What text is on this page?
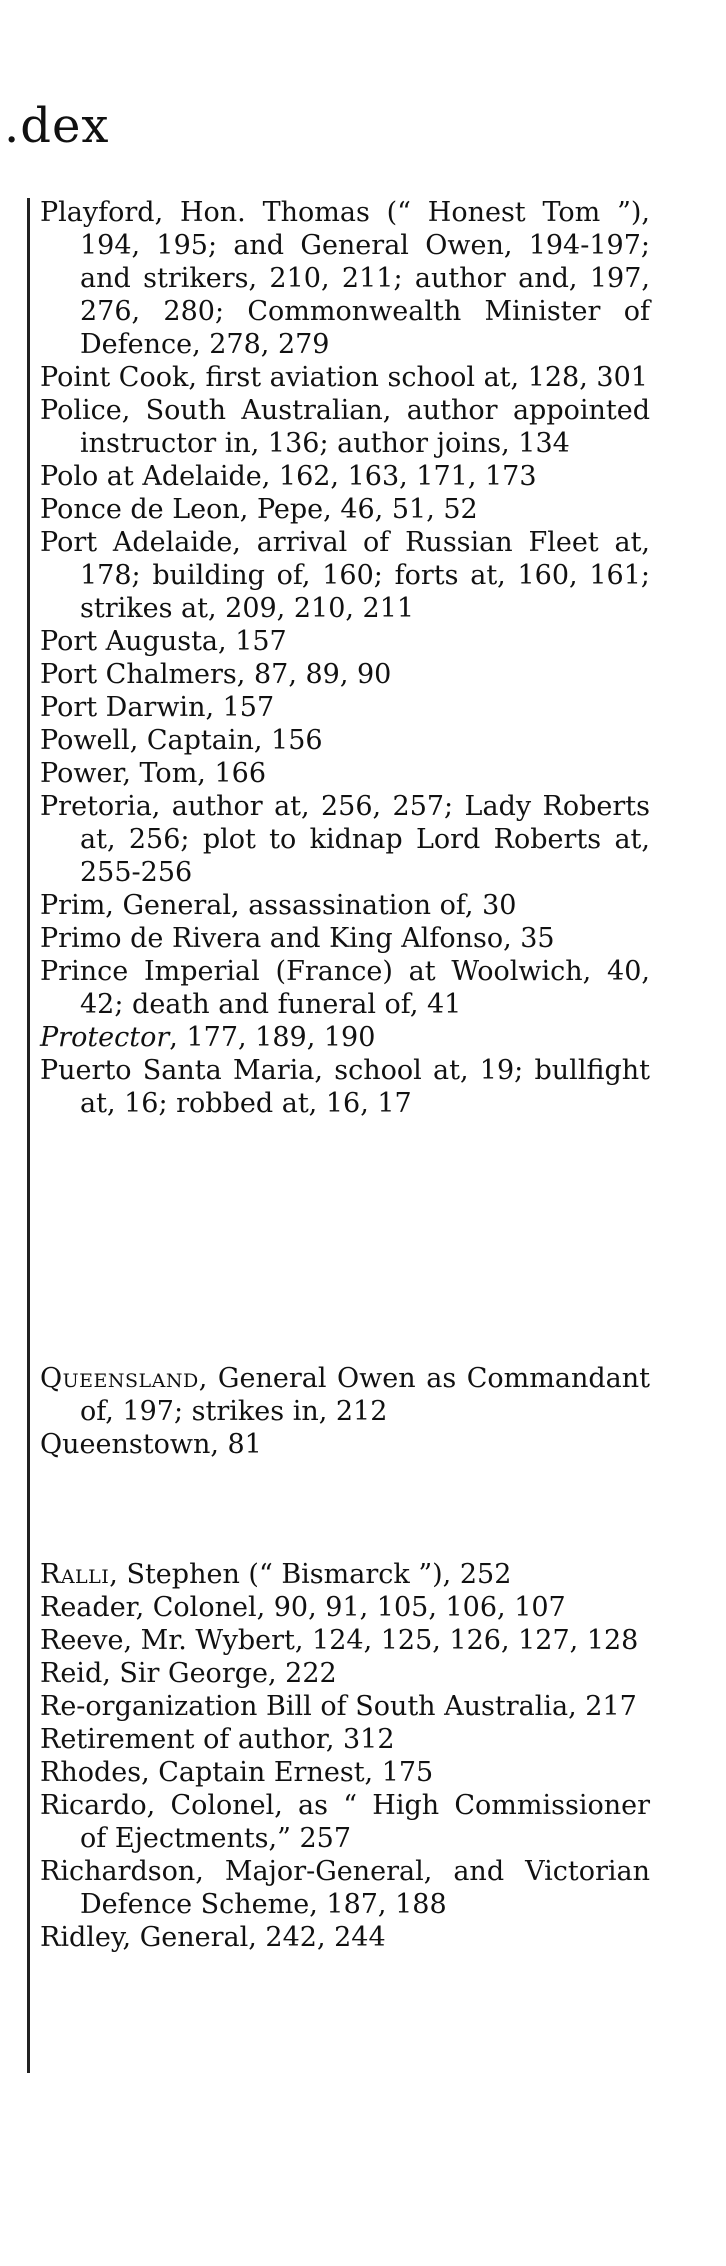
.dex

Playford, Hon. Thomas (“ Honest Tom ”), 194, 195; and General Owen, 194-197; and strikers, 210, 211; author and, 197, 276, 280; Commonwealth Minister of Defence, 278, 279

Point Cook, first aviation school at, 128, 301

Police, South Australian, author appointed instructor in, 136; author joins, 134

Polo at Adelaide, 162, 163, 171, 173

Ponce de Leon, Pepe, 46, 51, 52

Port Adelaide, arrival of Russian Fleet at, 178; building of, 160; forts at, 160, 161; strikes at, 209, 210, 211

Port Augusta, 157

Port Chalmers, 87, 89, 90

Port Darwin, 157

Powell, Captain, 156

Power, Tom, 166

Pretoria, author at, 256, 257; Lady Roberts at, 256; plot to kidnap Lord Roberts at, 255-256

Prim, General, assassination of, 30

Primo de Rivera and King Alfonso, 35

Prince Imperial (France) at Woolwich, 40, 42; death and funeral of, 41

Protector, 177, 189, 190

Puerto Santa Maria, school at, 19; bullfight at, 16; robbed at, 16, 17

Queensland, General Owen as Commandant of, 197; strikes in, 212

Queenstown, 81

Ralli, Stephen (“ Bismarck ”), 252

Reader, Colonel, 90, 91, 105, 106, 107

Reeve, Mr. Wybert, 124, 125, 126, 127, 128

Reid, Sir George, 222

Re-organization Bill of South Australia, 217

Retirement of author, 312

Rhodes, Captain Ernest, 175

Ricardo, Colonel, as “ High Commissioner of Ejectments,” 257

Richardson, Major-General, and Victorian Defence Scheme, 187, 188

Ridley, General, 242, 244
